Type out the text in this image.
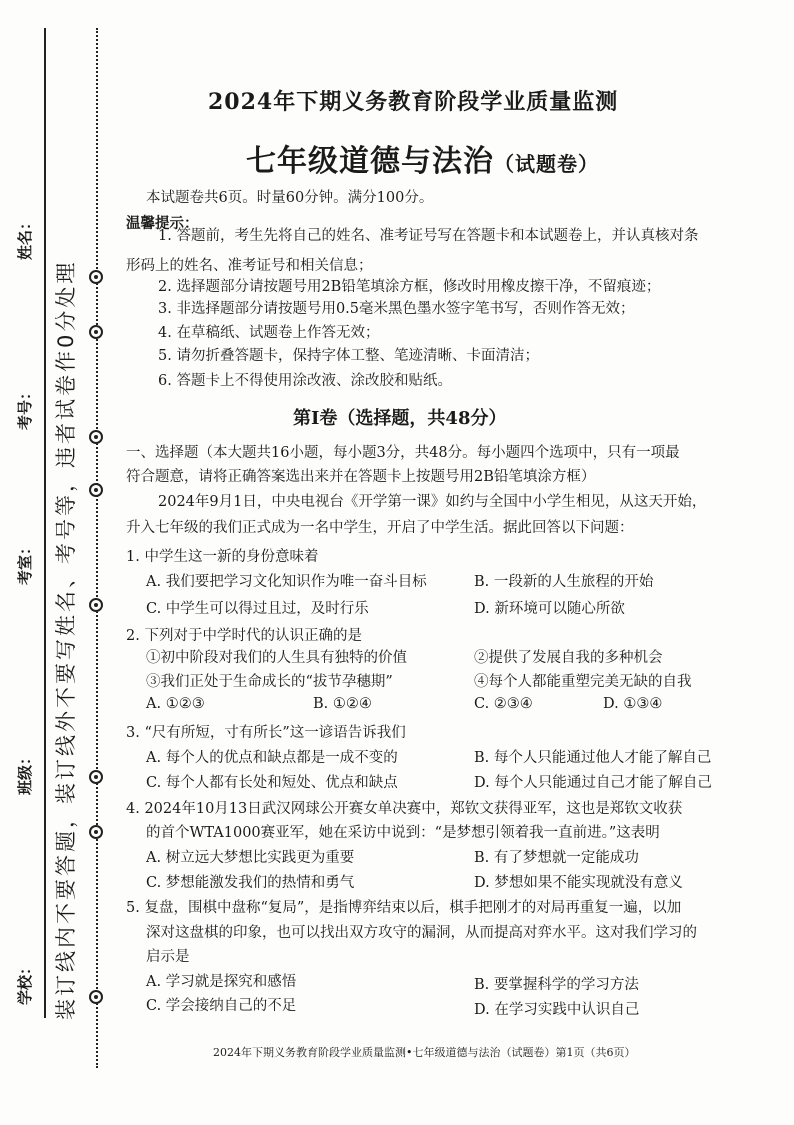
装订线内不要答题，装订线外不要写姓名、考号等，违者试卷作0分处理
学校：
班级：
考室：
考号：
姓名：
2024年下期义务教育阶段学业质量监测
七年级道德与法治（试题卷）
本试题卷共6页。时量60分钟。满分100分。
温馨提示：
1. 答题前，考生先将自己的姓名、准考证号写在答题卡和本试题卷上，并认真核对条
形码上的姓名、准考证号和相关信息；
2. 选择题部分请按题号用2B铅笔填涂方框，修改时用橡皮擦干净，不留痕迹；
3. 非选择题部分请按题号用0.5毫米黑色墨水签字笔书写，否则作答无效；
4. 在草稿纸、试题卷上作答无效；
5. 请勿折叠答题卡，保持字体工整、笔迹清晰、卡面清洁；
6. 答题卡上不得使用涂改液、涂改胶和贴纸。
第Ⅰ卷（选择题，共48分）
一、选择题（本大题共16小题，每小题3分，共48分。每小题四个选项中，只有一项最
符合题意，请将正确答案选出来并在答题卡上按题号用2B铅笔填涂方框）
2024年9月1日，中央电视台《开学第一课》如约与全国中小学生相见，从这天开始，
升入七年级的我们正式成为一名中学生，开启了中学生活。据此回答以下问题：
1. 中学生这一新的身份意味着
A. 我们要把学习文化知识作为唯一奋斗目标	B. 一段新的人生旅程的开始
C. 中学生可以得过且过，及时行乐	D. 新环境可以随心所欲
2. 下列对于中学时代的认识正确的是
①初中阶段对我们的人生具有独特的价值	②提供了发展自我的多种机会
③我们正处于生命成长的“拔节孕穗期”	④每个人都能重塑完美无缺的自我
A. ①②③	B. ①②④	C. ②③④	D. ①③④
3. “尺有所短，寸有所长”这一谚语告诉我们
A. 每个人的优点和缺点都是一成不变的	B. 每个人只能通过他人才能了解自己
C. 每个人都有长处和短处、优点和缺点	D. 每个人只能通过自己才能了解自己
4. 2024年10月13日武汉网球公开赛女单决赛中，郑钦文获得亚军，这也是郑钦文收获
的首个WTA1000赛亚军，她在采访中说到：“是梦想引领着我一直前进。”这表明
A. 树立远大梦想比实践更为重要	B. 有了梦想就一定能成功
C. 梦想能激发我们的热情和勇气	D. 梦想如果不能实现就没有意义
5. 复盘，围棋中盘称“复局”，是指博弈结束以后，棋手把刚才的对局再重复一遍，以加
深对这盘棋的印象，也可以找出双方攻守的漏洞，从而提高对弈水平。这对我们学习的
启示是
A. 学习就是探究和感悟	B. 要掌握科学的学习方法
C. 学会接纳自己的不足	D. 在学习实践中认识自己
2024年下期义务教育阶段学业质量监测•七年级道德与法治（试题卷）第1页（共6页）
